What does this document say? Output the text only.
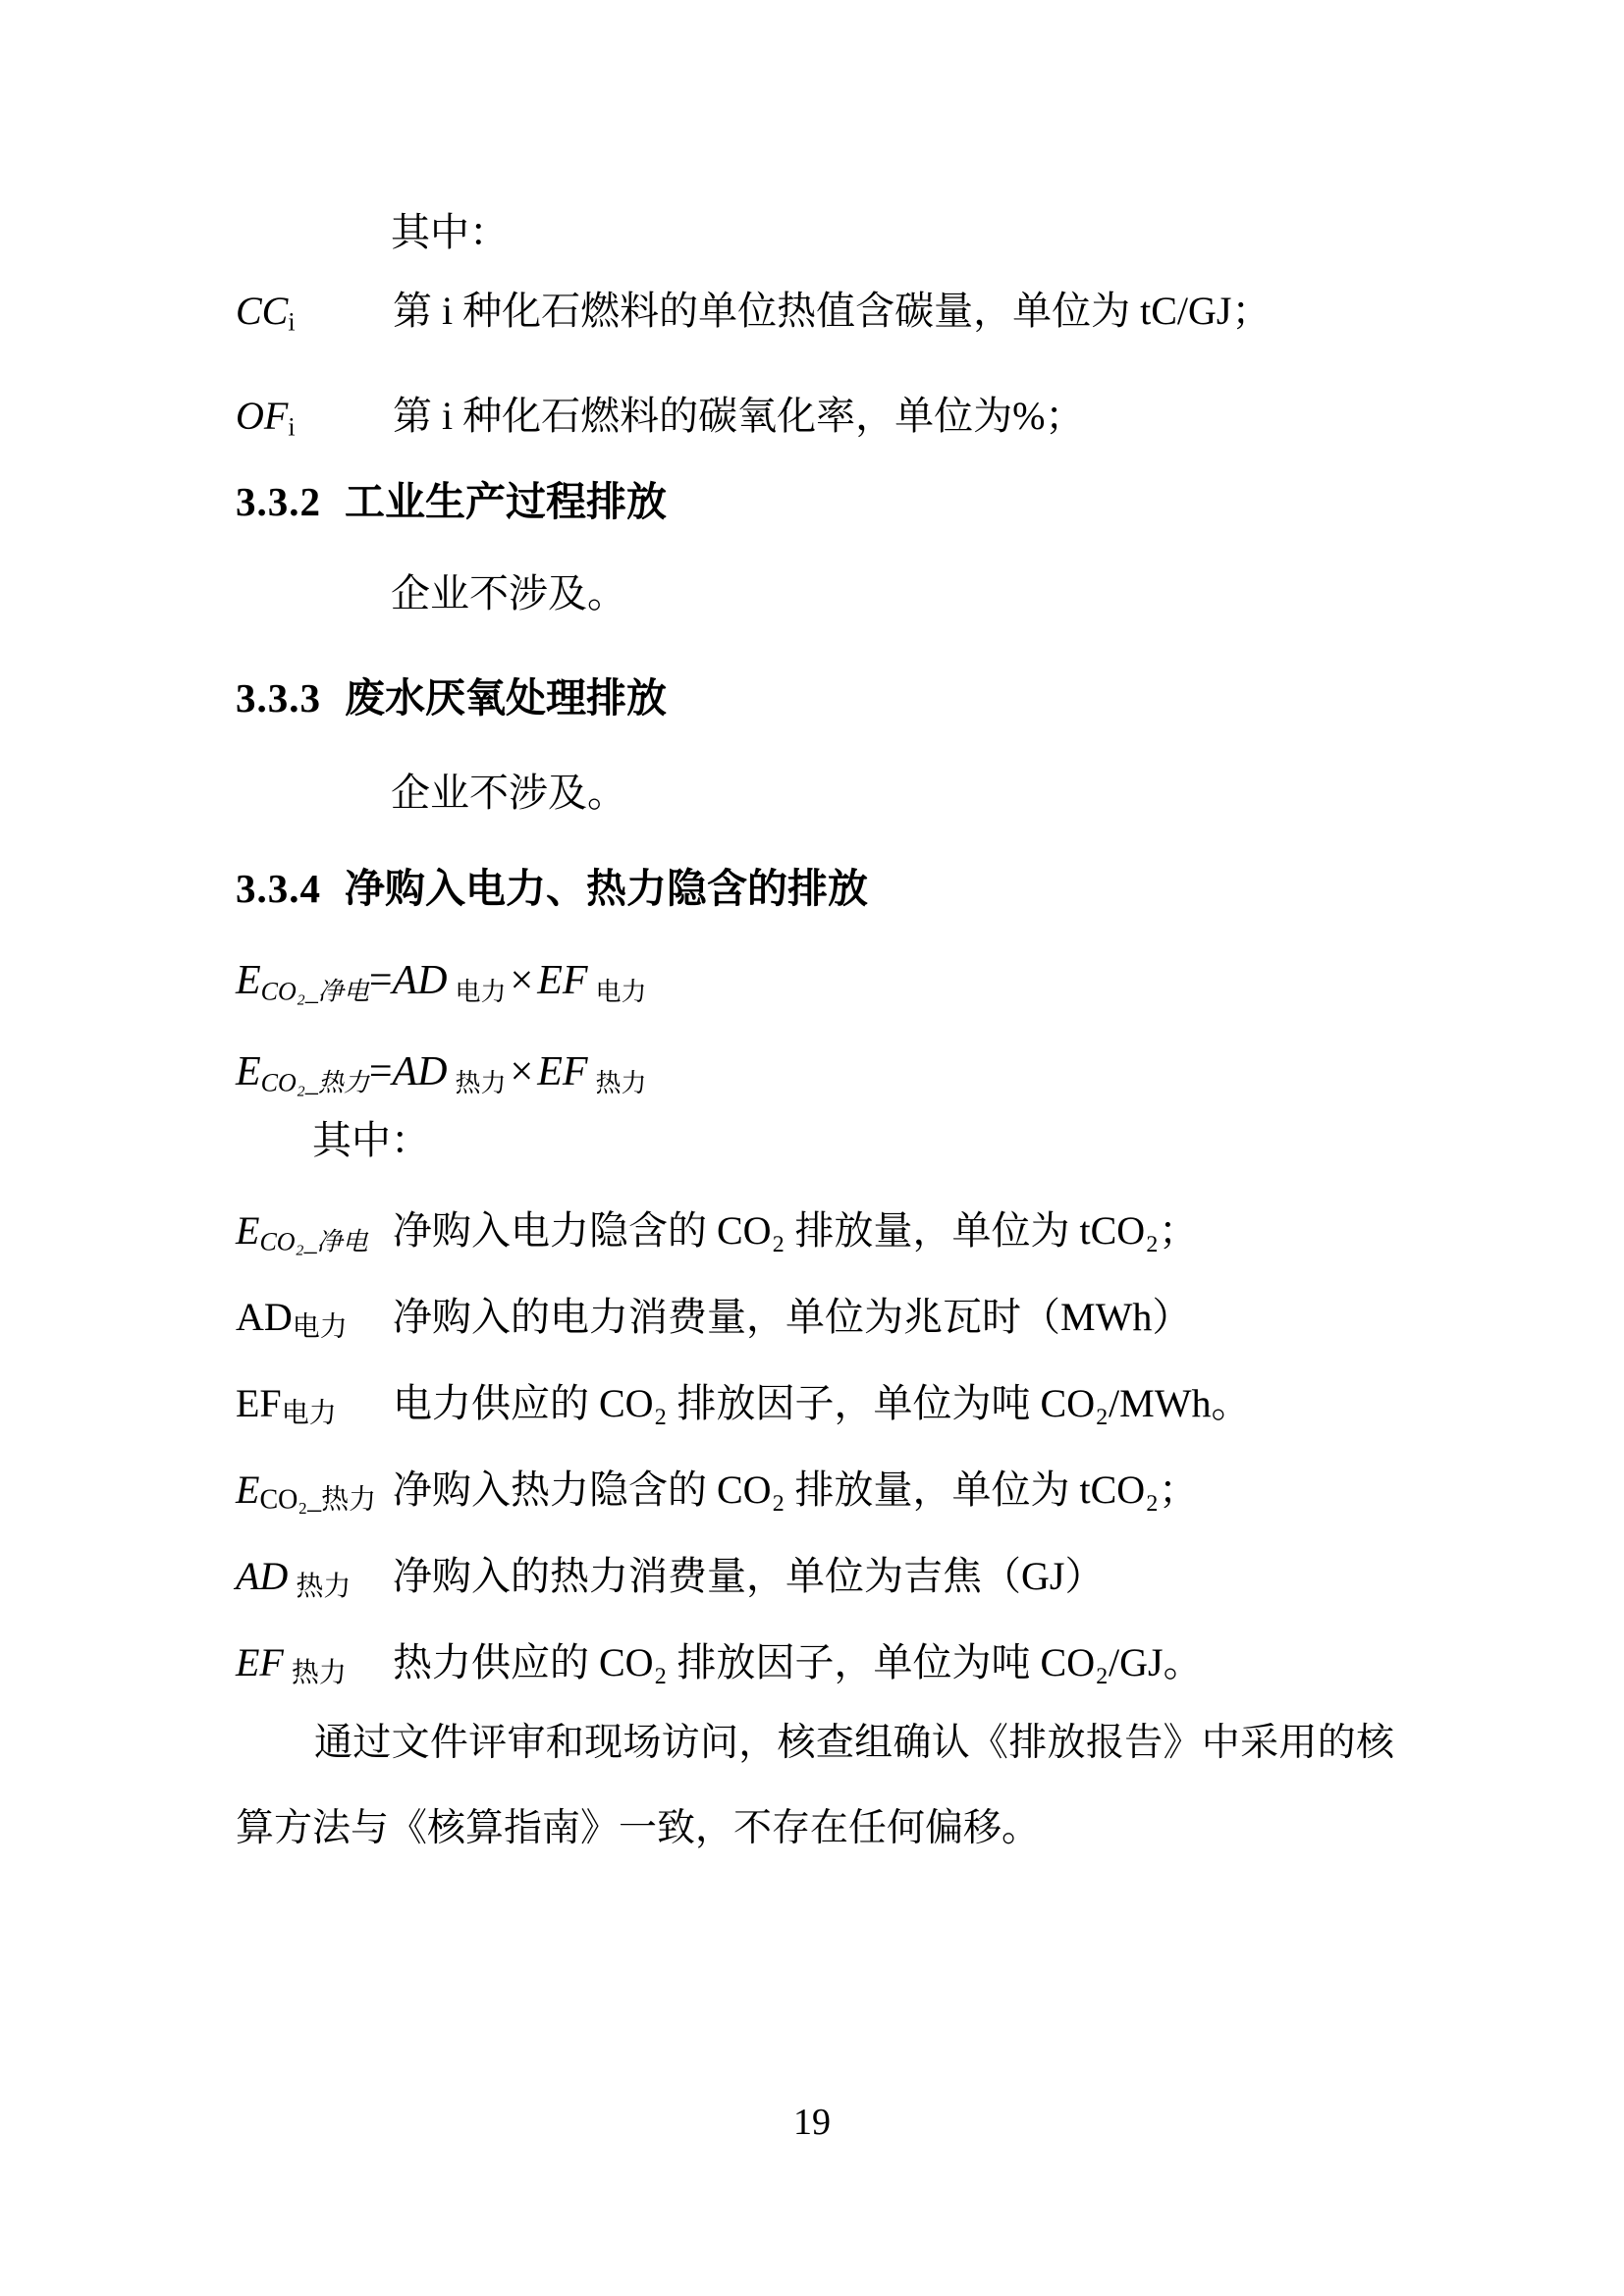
其中：
$CC_i$ 第 i 种化石燃料的单位热值含碳量，单位为 tC/GJ；
$OF_i$ 第 i 种化石燃料的碳氧化率，单位为%；
3.3.2 工业生产过程排放
企业不涉及。
3.3.3 废水厌氧处理排放
企业不涉及。
3.3.4 净购入电力、热力隐含的排放
$E_{CO_2\_净电}=AD$ $_{电力}$×EF $_{电力}$
$E_{CO_2\_热力}=AD$ $_{热力}$×EF $_{热力}$
其中：
$E_{CO_2\_净电}$ 净购入电力隐含的 CO₂ 排放量，单位为 tCO₂；
$AD_{电力}$ 净购入的电力消费量，单位为兆瓦时（MWh）
$EF_{电力}$ 电力供应的 CO₂ 排放因子，单位为吨 CO₂/MWh。
$E_{CO_2\_热力}$ 净购入热力隐含的 CO₂ 排放量，单位为 tCO₂；
AD $_{热力}$ 净购入的热力消费量，单位为吉焦（GJ）
EF $_{热力}$ 热力供应的 CO₂ 排放因子，单位为吨 CO₂/GJ。
通过文件评审和现场访问，核查组确认《排放报告》中采用的核算方法与《核算指南》一致，不存在任何偏移。
19
